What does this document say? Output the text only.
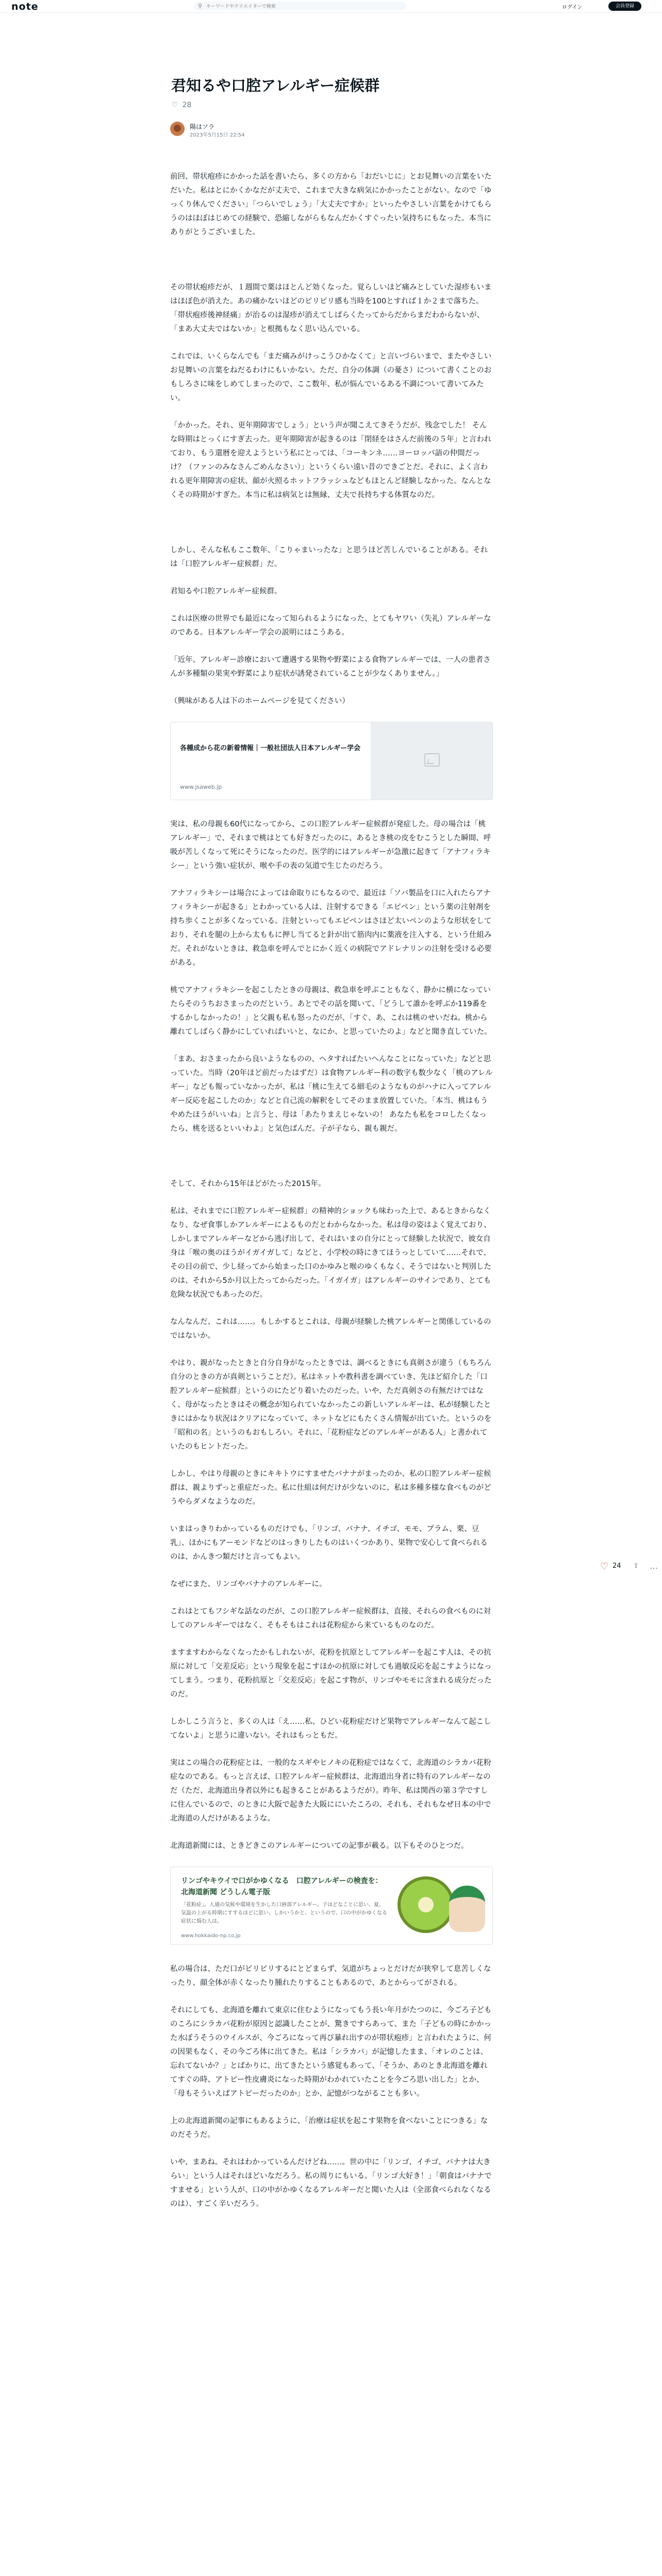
note	⚲
キーワードやクリエイターで検索	ログイン	会員登録
君知るや口腔アレルギー症候群
♡ 28
陽はソラ
2023年5月15日 22:54

前回、帯状疱疹にかかった話を書いたら、多くの方から「おだいじに」とお見舞いの言葉をいただいた。私はとにかくかなだが丈夫で、これまで大きな病気にかかったことがない。なので「ゆっくり休んでください」「つらいでしょう」「大丈夫ですか」といったやさしい言葉をかけてもらうのはほぼはじめての経験で、恐縮しながらもなんだかくすぐったい気持ちにもなった。本当にありがとうございました。

その帯状疱疹だが、１週間で薬はほとんど効くなった。覚らしいほど痛みとしていた湿疹もいまはほぼ色が消えた。あの痛かないほどのピリピリ感も当時を100とすれば１か２まで落ちた。「帯状疱疹後神経痛」が治るのは湿疹が消えてしばらくたってからだからまだわからないが、「まあ大丈夫ではないか」と根拠もなく思い込んでいる。

これでは、いくらなんでも「まだ痛みがけっこうひかなくて」と言いづらいまで、またやさしいお見舞いの言葉をねだるわけにもいかない。ただ、自分の体調（の憂さ）について書くことのおもしろさに味をしめてしまったので、ここ数年、私が悩んでいるある不調について書いてみたい。

「かかった。それ、更年期障害でしょう」という声が聞こえてきそうだが、残念でした！ そんな時期はとっくにすぎ去った。更年期障害が起きるのは「閉経をはさんだ前後の５年」と言われており、もう還暦を迎えようという私にとっては、「コーキンネ……ヨーロッパ語の仲間だっけ？（ファンのみなさんごめんなさい）」というくらい遠い昔のできごとだ。それに、よく言われる更年期障害の症状、顔が火照るホットフラッシュなどもほとんど経験しなかった。なんとなくその時期がすぎた。本当に私は病気とは無縁、丈夫で長持ちする体質なのだ。

しかし、そんな私もここ数年、「こりゃまいったな」と思うほど苦しんでいることがある。それは「口腔アレルギー症候群」だ。

君知るや口腔アレルギー症候群。

これは医療の世界でも最近になって知られるようになった、とてもヤワい（失礼）アレルギーなのである。日本アレルギー学会の説明にはこうある。

「近年、アレルギー診療において遭遇する果物や野菜による食物アレルギーでは、一人の患者さんが多種類の果実や野菜により症状が誘発されていることが少なくありません。」

（興味がある人は下のホームページを見てください）

各種成から花の新着情報｜一般社団法人日本アレルギー学会
www.jsaweb.jp

実は、私の母親も60代になってから、この口腔アレルギー症候群が発症した。母の場合は「桃アレルギー」で、それまで桃はとても好きだったのに、あるとき桃の皮をむこうとした瞬間、呼吸が苦しくなって死にそうになったのだ。医学的にはアレルギーが急激に起きて「アナフィラキシー」という強い症状が、喉や手の表の気道で生じたのだろう。

アナフィラキシーは場合によっては命取りにもなるので、最近は「ソバ製品を口に入れたらアナフィラキシーが起きる」とわかっている人は、注射するできる「エピペン」という薬の注射剤を持ち歩くことが多くなっている。注射といってもエピペンはさほど太いペンのような形状をしており、それを腿の上から太ももに押し当てると針が出て筋肉内に薬液を注入する、という仕組みだ。それがないときは、救急車を呼んでとにかく近くの病院でアドレナリンの注射を受ける必要がある。

桃でアナフィラキシーを起こしたときの母親は、救急車を呼ぶこともなく、静かに横になっていたらそのうちおさまったのだという。あとでその話を聞いて、「どうして誰かを呼ぶか119番をするかしなかったの！」と父親も私も怒ったのだが、「すぐ、あ、これは桃のせいだね。桃から離れてしばらく静かにしていればいいと、なにか、と思っていたのよ」などと聞き直していた。

「まあ、おさまったから良いようなものの、ヘタすればたいへんなことになっていた」などと思っていた。当時（20年ほど前だったはずだ）は食物アレルギー科の数字も数少なく「桃のアレルギー」なども報っていなかったが、私は「桃に生えてる細毛のようなものがハナに入ってアレルギー反応を起こしたのか」などと自己流の解釈をしてそのまま放置していた。「本当、桃はもうやめたほうがいいね」と言うと、母は「あたりまえじゃないの！ あなたも私をコロしたくなったら、桃を送るといいわよ」と気色ばんだ。子が子なら、親も親だ。

そして、それから15年ほどがたった2015年。

私は、それまでに口腔アレルギー症候群」の精神的ショックも味わった上で、あるときからなくなり、なぜ食事しかアレルギーによるものだとわからなかった。私は母の姿はよく覚えており、しかしまでアレルギーなどから逃げ出して、それはいまの自分にとって経験した状況で、彼女自身は「喉の奥のほうがイガイガして」などと、小学校の時にきてほうっとしていて……それで、その目の前で、少し経ってから始まった口のかゆみと喉のゆくもなく、そうではないと判別したのは、それから5か月以上たってからだった。「イガイガ」はアレルギーのサインであり、とても危険な状況でもあったのだ。

なんなんだ、これは……。もしかするとこれは、母親が経験した桃アレルギーと関係しているのではないか。

やはり、親がなったときと自分自身がなったときでは、調べるときにも真剣さが違う（もちろん自分のときの方が真剣ということだ）。私はネットや教科書を調べていき、先ほど紹介した「口腔アレルギー症候群」というのにたどり着いたのだった。いや、ただ真剣さの有無だけではなく、母がなったときはその概念が知られていなかったこの新しいアレルギーは、私が経験したときにはかなり状況はクリアになっていて、ネットなどにもたくさん情報が出ていた。というのを「昭和の名」というのもおもしろい。それに、「花粉症などのアレルギーがある人」と書かれていたのもヒントだった。

しかし、やはり母親のときにキキトウにすませたバナナがまったのか、私の口腔アレルギー症候群は、親よりずっと重症だった。私に仕組は何だけが少ないのに、私は多種多様な食べものがどうやらダメなようなのだ。

いまはっきりわかっているものだけでも、「リンゴ、バナナ、イチゴ、モモ、プラム、栗、豆乳」、ほかにもアーモンドなどのはっきりしたものはいくつかあり、果物で安心して食べられるのは、かんきつ類だけと言ってもよい。

なぜにまた、リンゴやバナナのアレルギーに。

これはとてもフシギな話なのだが、この口腔アレルギー症候群は、直接、それらの食べものに対してのアレルギーではなく、そもそもはこれは花粉症から来ているものなのだ。

ますますわからなくなったかもしれないが、花粉を抗原としてアレルギーを起こす人は、その抗原に対して「交差反応」という現象を起こすほかの抗原に対しても過敏反応を起こすようになってしまう。つまり、花粉抗原と「交差反応」を起こす物が、リンゴやモモに含まれる成分だったのだ。

しかしこう言うと、多くの人は「え……私、ひどい花粉症だけど果物でアレルギーなんて起こしてないよ」と思うに違いない。それはもっともだ。

実はこの場合の花粉症とは、一般的なスギやヒノキの花粉症ではなくて、北海道のシラカバ花粉症なのである。もっと言えば、口腔アレルギー症候群は、北海道出身者に特有のアレルギーなのだ（ただ、北海道出身者以外にも起きることがあるようだが）。昨年、私は関西の第３学ですしに住んでいるので、のときに大阪で起きた大阪ににいたころの、それも、それもなぜ日本の中で北海道の人だけがあるような。

北海道新聞には、ときどきこのアレルギーについての記事が載る。以下もそのひとつだ。

リンゴやキウイで口がかゆくなる　口腔アレルギーの検査を：北海道新聞 どうしん電子版
「花粉症」。人通の気候や環境を生かした口唇部アレルギー。子ほどなことに思い、夏、気温の上がる時期にすするほどに思い、しかいうかと、というので、口の中がかゆくなる症状に悩む人は。
www.hokkaido-np.co.jp

私の場合は、ただ口がピリピリするにとどまらず、気道がちょっとだけだが狭窄して息苦しくなったり、顔全体が赤くなったり腫れたりすることもあるので、あとからってがされる。

それにしても、北海道を離れて東京に住むようになってもう長い年月がたつのに、今ごろ子どものころにシラカバ花粉が原因と認識したことが、驚きですらあって、また「子どもの時にかかった水ぼうそうのウイルスが、今ごろになって再び暴れ出すのが帯状疱疹」と言われたように、何の因果もなく、その今ごろ体に出てきた。私は「シラカバ」が記憶したまま、「オレのことは、忘れてないか？」とばかりに、出てきたという感覚もあって、「そうか、あのとき北海道を離れてすぐの時、アトピー性皮膚炎になった時期がわかれていたことを今ごろ思い出した」とか、「母もそういえばアトピーだったのか」とか、記憶がつながることも多い。

上の北海道新聞の記事にもあるように、「治療は症状を起こす果物を食べないことにつきる」なのだそうだ。

いや、まあね。それはわかっているんだけどね……。世の中に「リンゴ、イチゴ、バナナは大きらい」という人はそれほどいなだろう。私の周りにもいる。「リンゴ大好き！」「朝食はバナナですませる」という人が、口の中がかゆくなるアレルギーだと聞いた人は（全部食べられなくなるのは）、すごく辛いだろう。

♡ 24 ⇪ …
